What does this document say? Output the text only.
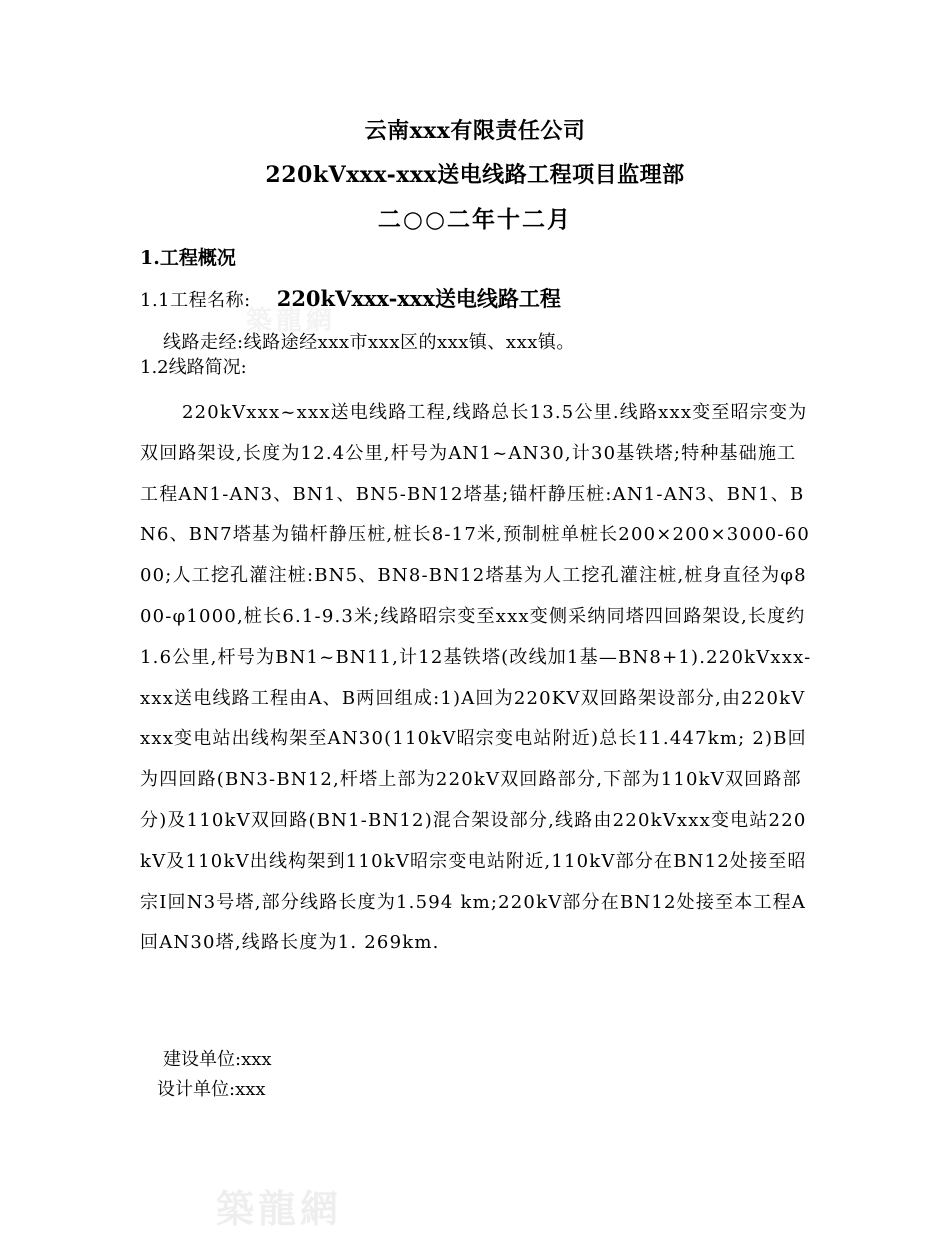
築龍網
云南xxx有限责任公司
220kVxxx-xxx送电线路工程项目监理部
二○○二年十二月
1.工程概况
1.1工程名称: 220kVxxx-xxx送电线路工程
线路走经:线路途经xxx市xxx区的xxx镇、xxx镇。
1.2线路简况:
220kVxxx~xxx送电线路工程,线路总长13.5公里.线路xxx变至昭宗变为双回路架设,长度为12.4公里,杆号为AN1~AN30,计30基铁塔;特种基础施工工程AN1-AN3、BN1、BN5-BN12塔基;锚杆静压桩:AN1-AN3、BN1、BN6、BN7塔基为锚杆静压桩,桩长8-17米,预制桩单桩长200×200×3000-6000;人工挖孔灌注桩:BN5、BN8-BN12塔基为人工挖孔灌注桩,桩身直径为φ800-φ1000,桩长6.1-9.3米;线路昭宗变至xxx变侧采纳同塔四回路架设,长度约1.6公里,杆号为BN1~BN11,计12基铁塔(改线加1基—BN8+1).220kVxxx-xxx送电线路工程由A、B两回组成:1)A回为220KV双回路架设部分,由220kVxxx变电站出线构架至AN30(110kV昭宗变电站附近)总长11.447km; 2)B回为四回路(BN3-BN12,杆塔上部为220kV双回路部分,下部为110kV双回路部分)及110kV双回路(BN1-BN12)混合架设部分,线路由220kVxxx变电站220kV及110kV出线构架到110kV昭宗变电站附近,110kV部分在BN12处接至昭宗Ⅰ回N3号塔,部分线路长度为1.594 km;220kV部分在BN12处接至本工程A回AN30塔,线路长度为1. 269km.
建设单位:xxx
设计单位:xxx
築龍網
